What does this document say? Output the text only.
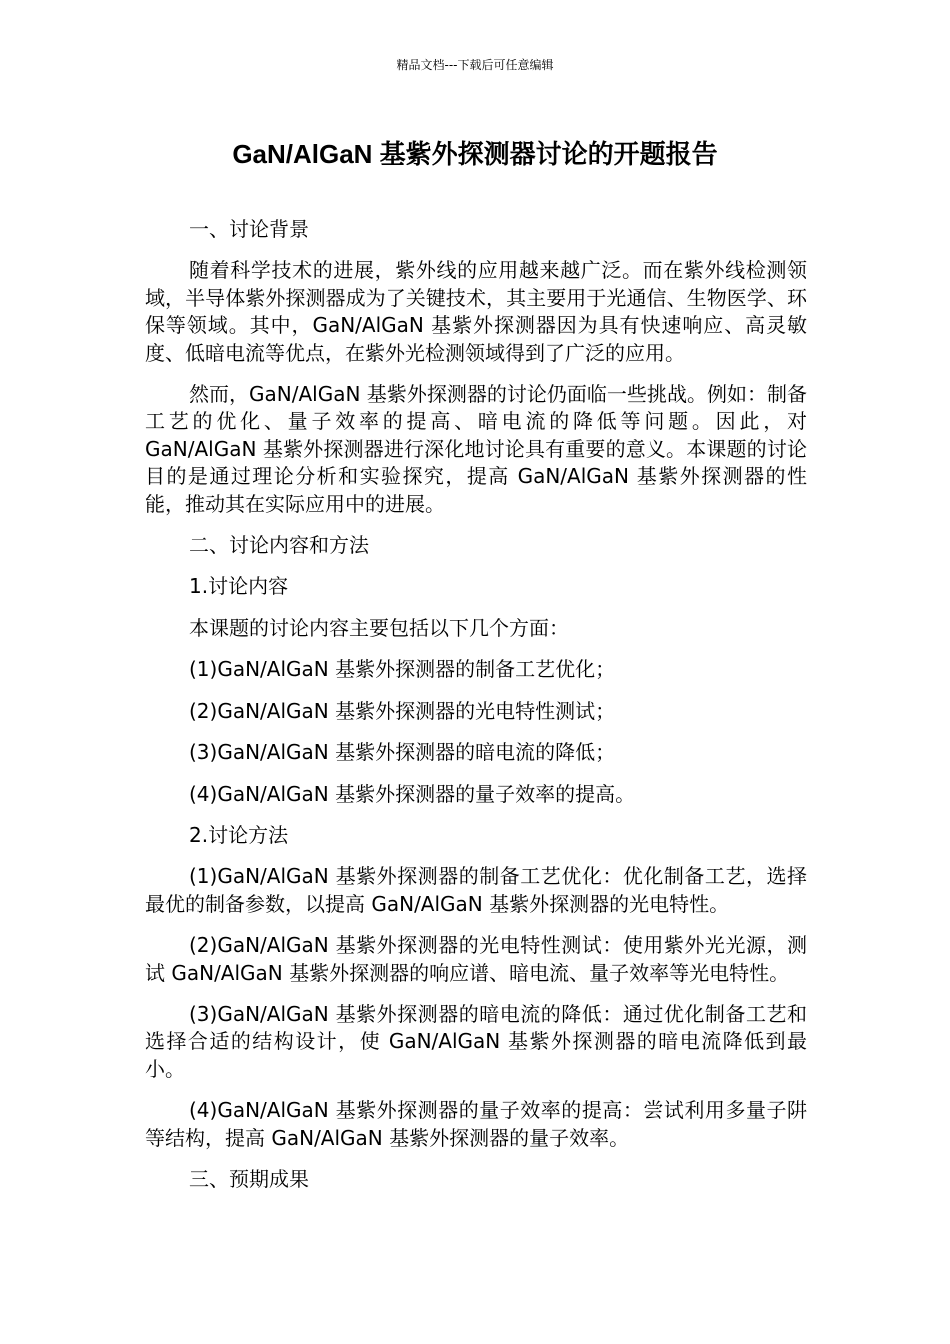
精品文档---下载后可任意编辑
GaN/AlGaN 基紫外探测器讨论的开题报告

一、讨论背景

随着科学技术的进展，紫外线的应用越来越广泛。而在紫外线检测领域，半导体紫外探测器成为了关键技术，其主要用于光通信、生物医学、环保等领域。其中，GaN/AlGaN 基紫外探测器因为具有快速响应、高灵敏度、低暗电流等优点，在紫外光检测领域得到了广泛的应用。

然而，GaN/AlGaN 基紫外探测器的讨论仍面临一些挑战。例如：制备工艺的优化、量子效率的提高、暗电流的降低等问题。因此，对 GaN/AlGaN 基紫外探测器进行深化地讨论具有重要的意义。本课题的讨论目的是通过理论分析和实验探究，提高 GaN/AlGaN 基紫外探测器的性能，推动其在实际应用中的进展。

二、讨论内容和方法

1.讨论内容

本课题的讨论内容主要包括以下几个方面：

(1)GaN/AlGaN 基紫外探测器的制备工艺优化；

(2)GaN/AlGaN 基紫外探测器的光电特性测试；

(3)GaN/AlGaN 基紫外探测器的暗电流的降低；

(4)GaN/AlGaN 基紫外探测器的量子效率的提高。

2.讨论方法

(1)GaN/AlGaN 基紫外探测器的制备工艺优化：优化制备工艺，选择最优的制备参数，以提高 GaN/AlGaN 基紫外探测器的光电特性。

(2)GaN/AlGaN 基紫外探测器的光电特性测试：使用紫外光光源，测试 GaN/AlGaN 基紫外探测器的响应谱、暗电流、量子效率等光电特性。

(3)GaN/AlGaN 基紫外探测器的暗电流的降低：通过优化制备工艺和选择合适的结构设计，使 GaN/AlGaN 基紫外探测器的暗电流降低到最小。

(4)GaN/AlGaN 基紫外探测器的量子效率的提高：尝试利用多量子阱等结构，提高 GaN/AlGaN 基紫外探测器的量子效率。

三、预期成果
